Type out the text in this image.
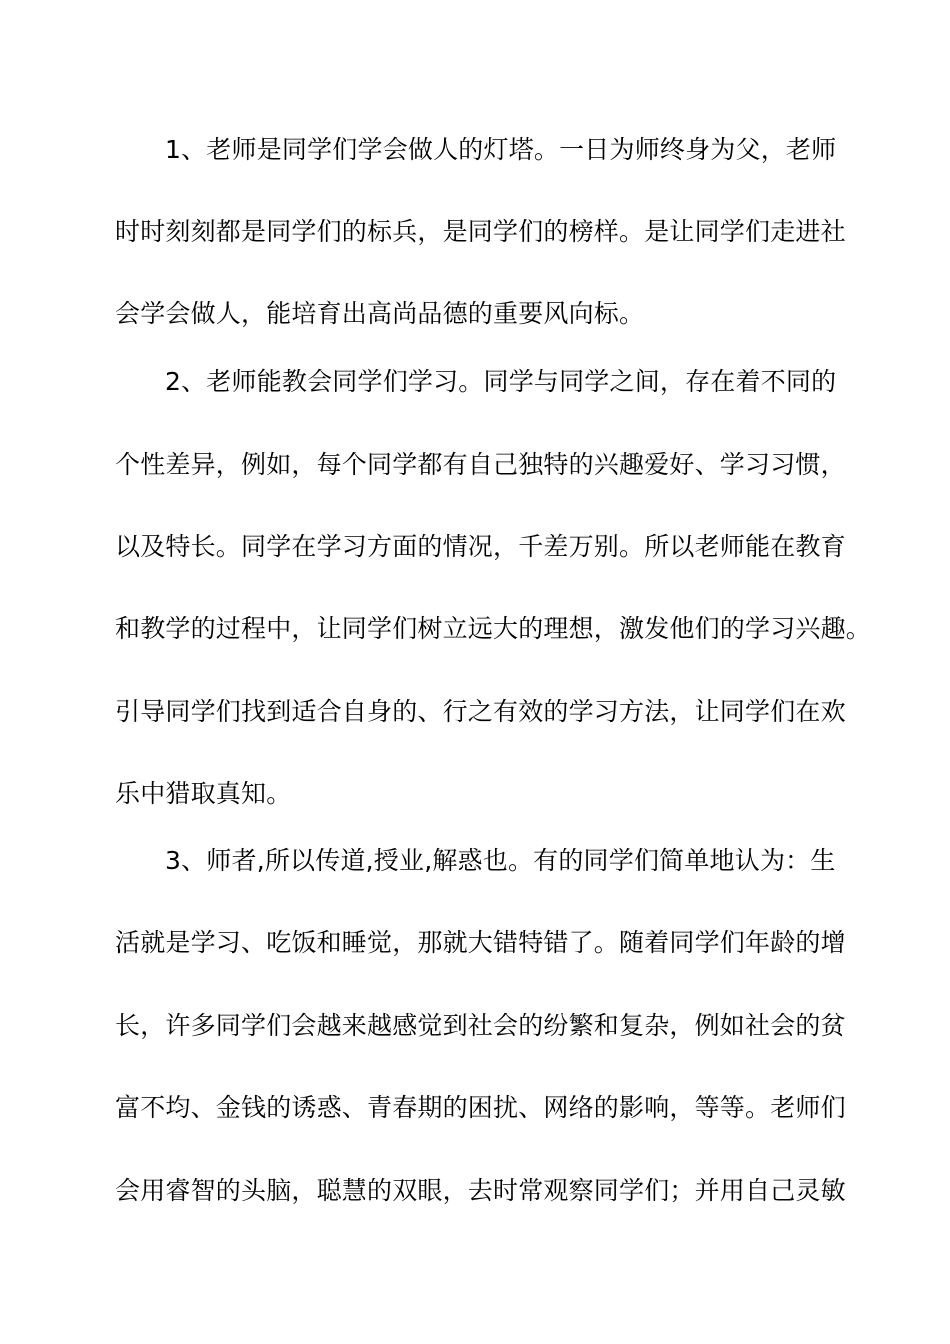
1、老师是同学们学会做人的灯塔。一日为师终身为父，老师
时时刻刻都是同学们的标兵，是同学们的榜样。是让同学们走进社
会学会做人，能培育出高尚品德的重要风向标。
2、老师能教会同学们学习。同学与同学之间，存在着不同的
个性差异，例如，每个同学都有自己独特的兴趣爱好、学习习惯，
以及特长。同学在学习方面的情况，千差万别。所以老师能在教育
和教学的过程中，让同学们树立远大的理想，激发他们的学习兴趣。
引导同学们找到适合自身的、行之有效的学习方法，让同学们在欢
乐中猎取真知。
3、师者,所以传道,授业,解惑也。有的同学们简单地认为：生
活就是学习、吃饭和睡觉，那就大错特错了。随着同学们年龄的增
长，许多同学们会越来越感觉到社会的纷繁和复杂，例如社会的贫
富不均、金钱的诱惑、青春期的困扰、网络的影响，等等。老师们
会用睿智的头脑，聪慧的双眼，去时常观察同学们；并用自己灵敏
